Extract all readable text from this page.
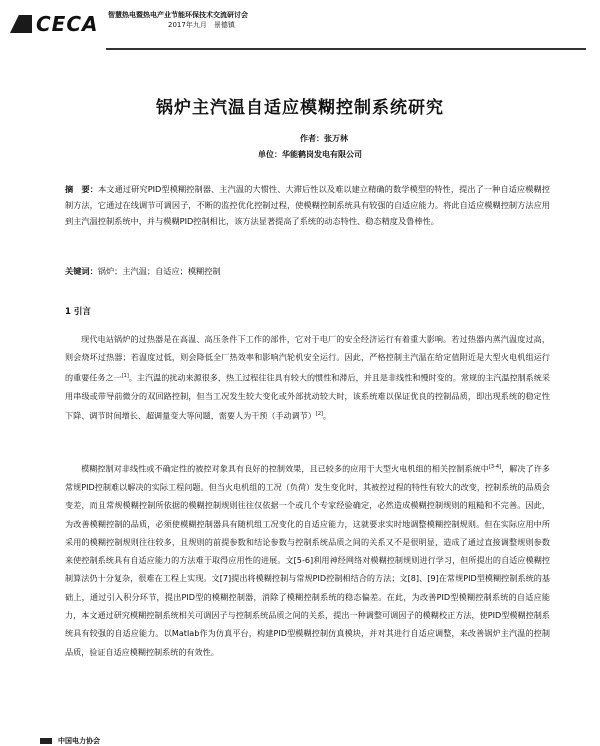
CECA 智慧热电暨热电产业节能环保技术交流研讨会
2017年九月　景德镇
锅炉主汽温自适应模糊控制系统研究
作者：张万林
单位：华能鹤岗发电有限公司
摘　要：本文通过研究PID型模糊控制器、主汽温的大惯性、大滞后性以及难以建立精确的数学模型的特性，提出了一种自适应模糊控制方法，它通过在线调节可调因子，不断的监控优化控制过程，使模糊控制系统具有较强的自适应能力。将此自适应模糊控制方法应用到主汽温控制系统中，并与模糊PID控制相比，该方法显著提高了系统的动态特性、稳态精度及鲁棒性。
关键词：锅炉；主汽温；自适应；模糊控制
1 引言
现代电站锅炉的过热器是在高温、高压条件下工作的部件，它对于电厂的安全经济运行有着重大影响。若过热器内蒸汽温度过高，则会烧坏过热器；若温度过低，则会降低全厂热效率和影响汽轮机安全运行。因此，严格控制主汽温在给定值附近是大型火电机组运行的重要任务之一[1]。主汽温的扰动来源很多，热工过程往往具有较大的惯性和滞后，并且是非线性和慢时变的。常规的主汽温控制系统采用串级或带导前微分的双回路控制，但当工况发生较大变化或外部扰动较大时，该系统难以保证优良的控制品质，即出现系统的稳定性下降、调节时间增长、超调量变大等问题，需要人为干预（手动调节）[2]。
模糊控制对非线性或不确定性的被控对象具有良好的控制效果，且已较多的应用于大型火电机组的相关控制系统中[3-4]，解决了许多常规PID控制难以解决的实际工程问题。但当火电机组的工况（负荷）发生变化时，其被控过程的特性有较大的改变，控制系统的品质会变差，而且常规模糊控制所依据的模糊控制规则往往仅依据一个或几个专家经验确定，必然造成模糊控制规则的粗糙和不完善。因此，为改善模糊控制的品质，必须使模糊控制器具有随机组工况变化的自适应能力，这就要求实时地调整模糊控制规则。但在实际应用中所采用的模糊控制规则往往较多，且规则的前提参数和结论参数与控制系统品质之间的关系又不是很明显，造成了通过直接调整规则参数来使控制系统具有自适应能力的方法难于取得应用性的进展。文[5-6]利用神经网络对模糊控制规则进行学习，但所提出的自适应模糊控制算法仍十分复杂，很难在工程上实现。文[7]提出将模糊控制与常规PID控制相结合的方法；文[8]、[9]在常规PID型模糊控制系统的基础上，通过引入积分环节，提出PID型的模糊控制器，消除了模糊控制系统的稳态偏差。在此，为改善PID型模糊控制系统的自适应能力，本文通过研究模糊控制系统相关可调因子与控制系统品质之间的关系，提出一种调整可调因子的模糊校正方法，使PID型模糊控制系统具有较强的自适应能力。以Matlab作为仿真平台，构建PID型模糊控制仿真模块，并对其进行自适应调整，来改善锅炉主汽温的控制品质，验证自适应模糊控制系统的有效性。
中国电力协会
